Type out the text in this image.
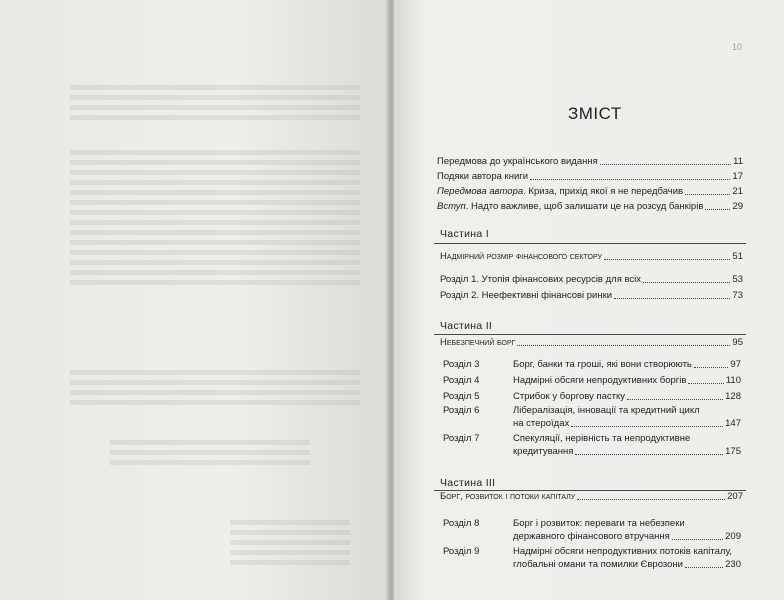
10
ЗМІСТ
Передмова до українського видання	11
Подяки автора книги	17
Передмова автора. Криза, прихід якої я не передбачив	21
Вступ. Надто важливе, щоб залишати це на розсуд банкірів	29
Частина I
Надмірний розмір фінансового сектору	51
Розділ 1. Утопія фінансових ресурсів для всіх	53
Розділ 2. Неефективні фінансові ринки	73
Частина II
Небезпечний борг	95
Розділ 3	Борг, банки та гроші, які вони створюють	97
Розділ 4	Надмірні обсяги непродуктивних боргів	110
Розділ 5	Стрибок у боргову пастку	128
Розділ 6	Лібералізація, інновації та кредитний цикл
на стероїдах	147
Розділ 7	Спекуляції, нерівність та непродуктивне
кредитування	175
Частина III
Борг, розвиток і потоки капіталу	207
Розділ 8	Борг і розвиток: переваги та небезпеки
державного фінансового втручання	209
Розділ 9	Надмірні обсяги непродуктивних потоків капіталу,
глобальні омани та помилки Єврозони	230
